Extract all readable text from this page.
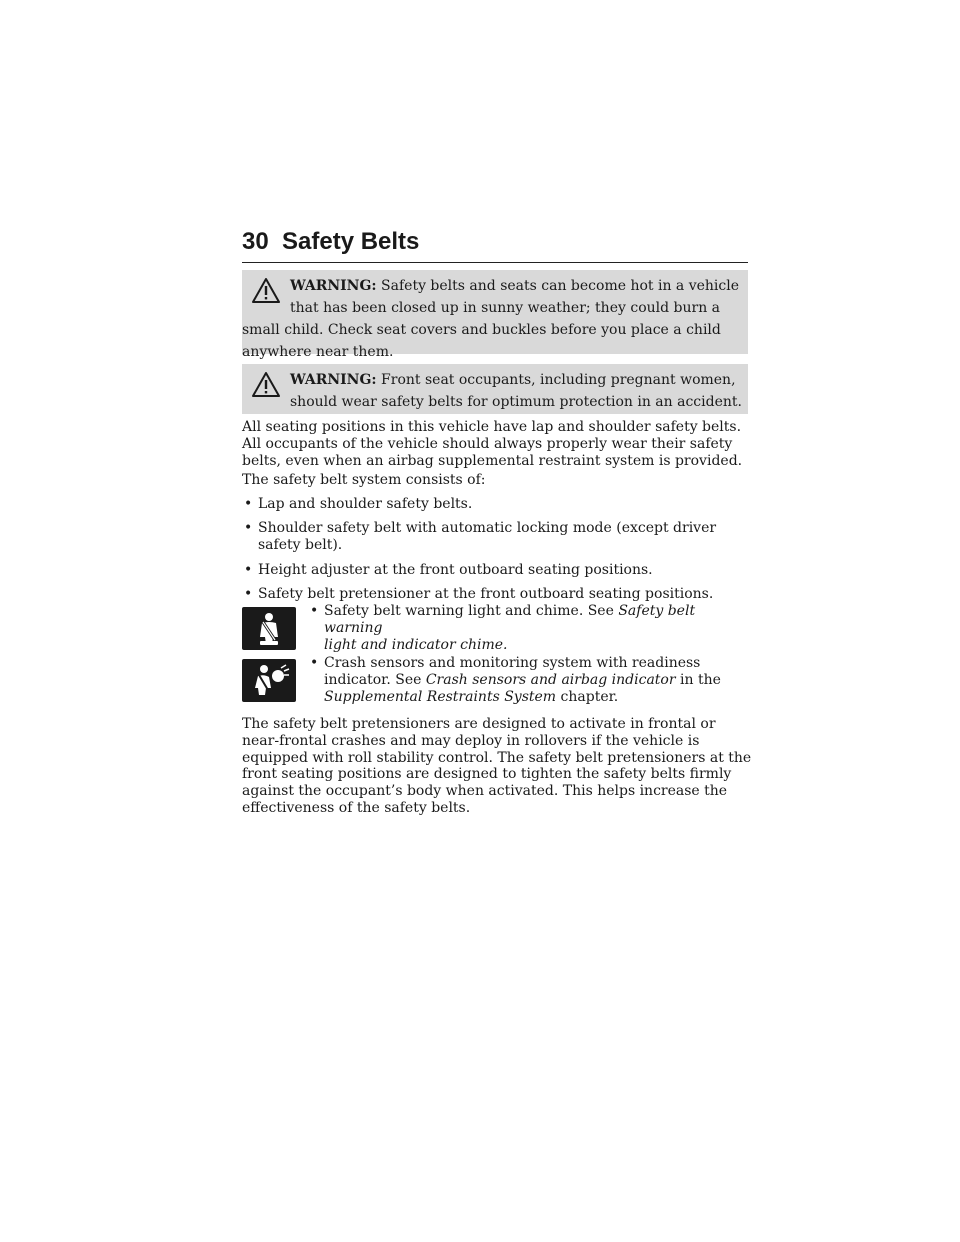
30 Safety Belts
WARNING: Safety belts and seats can become hot in a vehicle
that has been closed up in sunny weather; they could burn a
small child. Check seat covers and buckles before you place a child
anywhere near them.
WARNING: Front seat occupants, including pregnant women,
should wear safety belts for optimum protection in an accident.
All seating positions in this vehicle have lap and shoulder safety belts.
All occupants of the vehicle should always properly wear their safety
belts, even when an airbag supplemental restraint system is provided.
The safety belt system consists of:
• Lap and shoulder safety belts.
• Shoulder safety belt with automatic locking mode (except driver
safety belt).
• Height adjuster at the front outboard seating positions.
• Safety belt pretensioner at the front outboard seating positions.
• Safety belt warning light and chime. See Safety belt warning
light and indicator chime.
• Crash sensors and monitoring system with readiness
indicator. See Crash sensors and airbag indicator in the
Supplemental Restraints System chapter.
The safety belt pretensioners are designed to activate in frontal or
near-frontal crashes and may deploy in rollovers if the vehicle is
equipped with roll stability control. The safety belt pretensioners at the
front seating positions are designed to tighten the safety belts firmly
against the occupant’s body when activated. This helps increase the
effectiveness of the safety belts.
